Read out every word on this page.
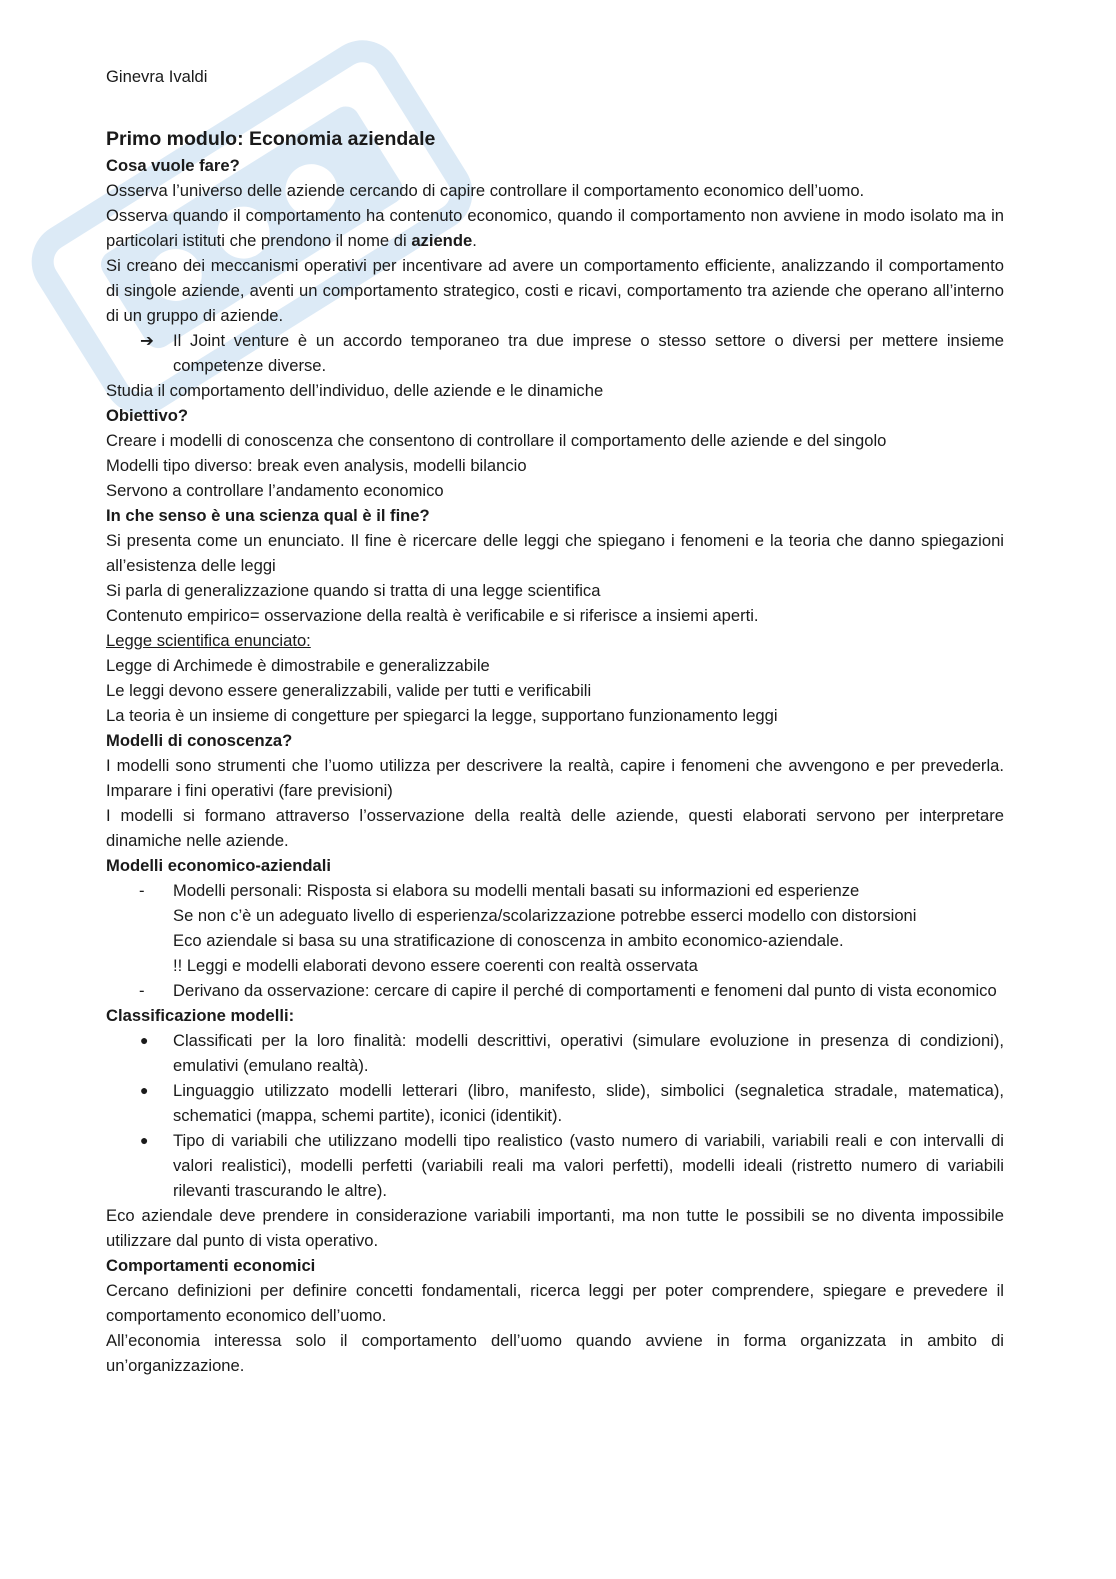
Ginevra Ivaldi
Primo modulo: Economia aziendale
Cosa vuole fare?

Osserva l’universo delle aziende cercando di capire controllare il comportamento economico dell’uomo.

Osserva quando il comportamento ha contenuto economico, quando il comportamento non avviene in modo isolato ma in particolari istituti che prendono il nome di aziende.

Si creano dei meccanismi operativi per incentivare ad avere un comportamento efficiente, analizzando il comportamento di singole aziende, aventi un comportamento strategico, costi e ricavi, comportamento tra aziende che operano all’interno di un gruppo di aziende.

➔ Il Joint venture è un accordo temporaneo tra due imprese o stesso settore o diversi per mettere insieme competenze diverse.

Studia il comportamento dell’individuo, delle aziende e le dinamiche

Obiettivo?

Creare i modelli di conoscenza che consentono di controllare il comportamento delle aziende e del singolo

Modelli tipo diverso: break even analysis, modelli bilancio

Servono a controllare l’andamento economico

In che senso è una scienza qual è il fine?

Si presenta come un enunciato. Il fine è ricercare delle leggi che spiegano i fenomeni e la teoria che danno spiegazioni all’esistenza delle leggi

Si parla di generalizzazione quando si tratta di una legge scientifica

Contenuto empirico= osservazione della realtà è verificabile e si riferisce a insiemi aperti.

Legge scientifica enunciato:

Legge di Archimede è dimostrabile e generalizzabile

Le leggi devono essere generalizzabili, valide per tutti e verificabili

La teoria è un insieme di congetture per spiegarci la legge, supportano funzionamento leggi

Modelli di conoscenza?

I modelli sono strumenti che l’uomo utilizza per descrivere la realtà, capire i fenomeni che avvengono e per prevederla. Imparare i fini operativi (fare previsioni)

I modelli si formano attraverso l’osservazione della realtà delle aziende, questi elaborati servono per interpretare dinamiche nelle aziende.

Modelli economico-aziendali
- Modelli personali: Risposta si elabora su modelli mentali basati su informazioni ed esperienze
Se non c’è un adeguato livello di esperienza/scolarizzazione potrebbe esserci modello con distorsioni
Eco aziendale si basa su una stratificazione di conoscenza in ambito economico-aziendale.
!! Leggi e modelli elaborati devono essere coerenti con realtà osservata
- Derivano da osservazione: cercare di capire il perché di comportamenti e fenomeni dal punto di vista economico
Classificazione modelli:
● Classificati per la loro finalità: modelli descrittivi, operativi (simulare evoluzione in presenza di condizioni), emulativi (emulano realtà).
● Linguaggio utilizzato modelli letterari (libro, manifesto, slide), simbolici (segnaletica stradale, matematica), schematici (mappa, schemi partite), iconici (identikit).
● Tipo di variabili che utilizzano modelli tipo realistico (vasto numero di variabili, variabili reali e con intervalli di valori realistici), modelli perfetti (variabili reali ma valori perfetti), modelli ideali (ristretto numero di variabili rilevanti trascurando le altre).

Eco aziendale deve prendere in considerazione variabili importanti, ma non tutte le possibili se no diventa impossibile utilizzare dal punto di vista operativo.

Comportamenti economici

Cercano definizioni per definire concetti fondamentali, ricerca leggi per poter comprendere, spiegare e prevedere il comportamento economico dell’uomo.

All’economia interessa solo il comportamento dell’uomo quando avviene in forma organizzata in ambito di un’organizzazione.
